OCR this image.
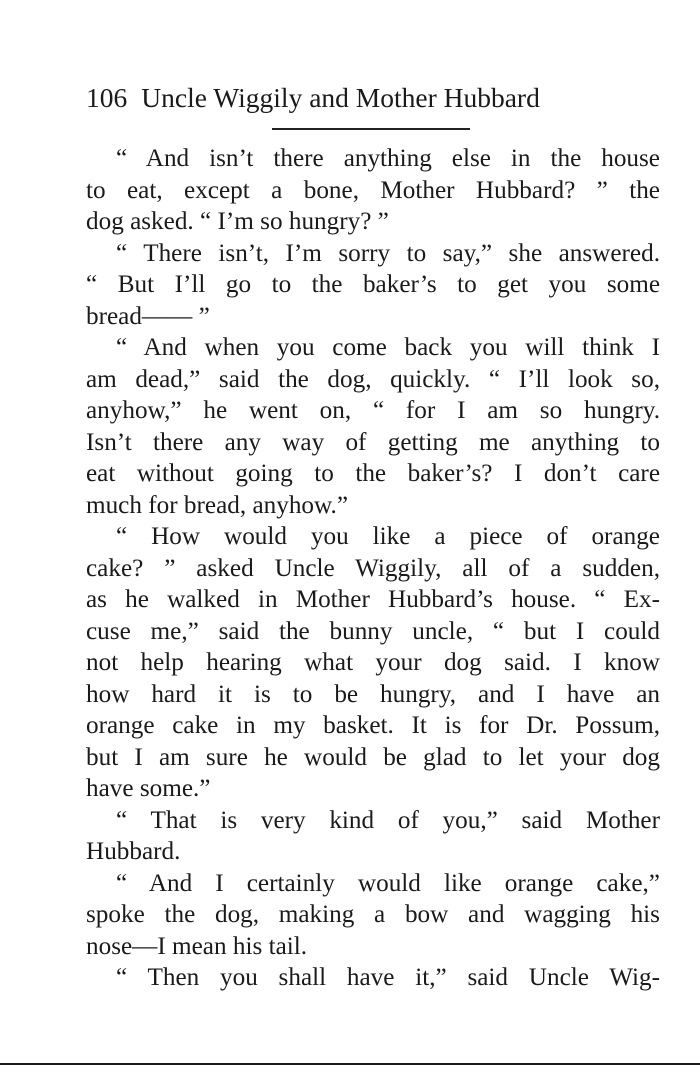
106 Uncle Wiggily and Mother Hubbard
“ And isn’t there anything else in the house
to eat, except a bone, Mother Hubbard? ” the
dog asked. “ I’m so hungry? ”
“ There isn’t, I’m sorry to say,” she answered.
“ But I’ll go to the baker’s to get you some
bread—— ”
“ And when you come back you will think I
am dead,” said the dog, quickly. “ I’ll look so,
anyhow,” he went on, “ for I am so hungry.
Isn’t there any way of getting me anything to
eat without going to the baker’s? I don’t care
much for bread, anyhow.”
“ How would you like a piece of orange
cake? ” asked Uncle Wiggily, all of a sudden,
as he walked in Mother Hubbard’s house. “ Ex-
cuse me,” said the bunny uncle, “ but I could
not help hearing what your dog said. I know
how hard it is to be hungry, and I have an
orange cake in my basket. It is for Dr. Possum,
but I am sure he would be glad to let your dog
have some.”
“ That is very kind of you,” said Mother
Hubbard.
“ And I certainly would like orange cake,”
spoke the dog, making a bow and wagging his
nose—I mean his tail.
“ Then you shall have it,” said Uncle Wig-
